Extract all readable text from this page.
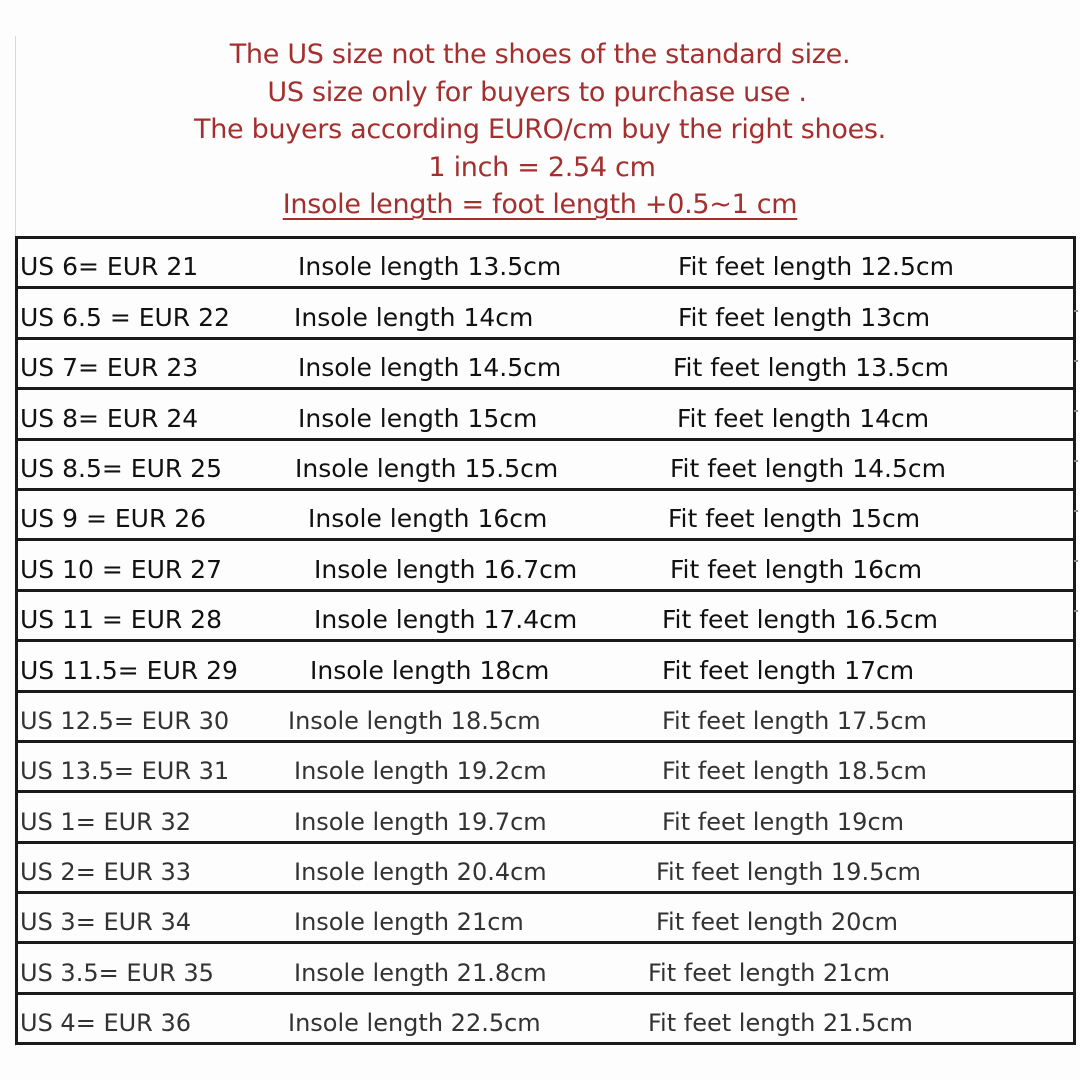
The US size not the shoes of the standard size.
US size only for buyers to purchase use .
The buyers according EURO/cm buy the right shoes.
1 inch = 2.54 cm
Insole length = foot length +0.5~1 cm
US 6= EUR 21	Insole length 13.5cm	Fit feet length 12.5cm
US 6.5 = EUR 22	Insole length 14cm	Fit feet length 13cm
US 7= EUR 23	Insole length 14.5cm	Fit feet length 13.5cm
US 8= EUR 24	Insole length 15cm	Fit feet length 14cm
US 8.5= EUR 25	Insole length 15.5cm	Fit feet length 14.5cm
US 9 = EUR 26	Insole length 16cm	Fit feet length 15cm
US 10 = EUR 27	Insole length 16.7cm	Fit feet length 16cm
US 11 = EUR 28	Insole length 17.4cm	Fit feet length 16.5cm
US 11.5= EUR 29	Insole length 18cm	Fit feet length 17cm
US 12.5= EUR 30 Insole length 18.5cm	Fit feet length 17.5cm
US 13.5= EUR 31	Insole length 19.2cm	Fit feet length 18.5cm
US 1= EUR 32	Insole length 19.7cm	Fit feet length 19cm
US 2= EUR 33	Insole length 20.4cm	Fit feet length 19.5cm
US 3= EUR 34	Insole length 21cm	Fit feet length 20cm
US 3.5= EUR 35	Insole length 21.8cm	Fit feet length 21cm
US 4= EUR 36	Insole length 22.5cm	Fit feet length 21.5cm
